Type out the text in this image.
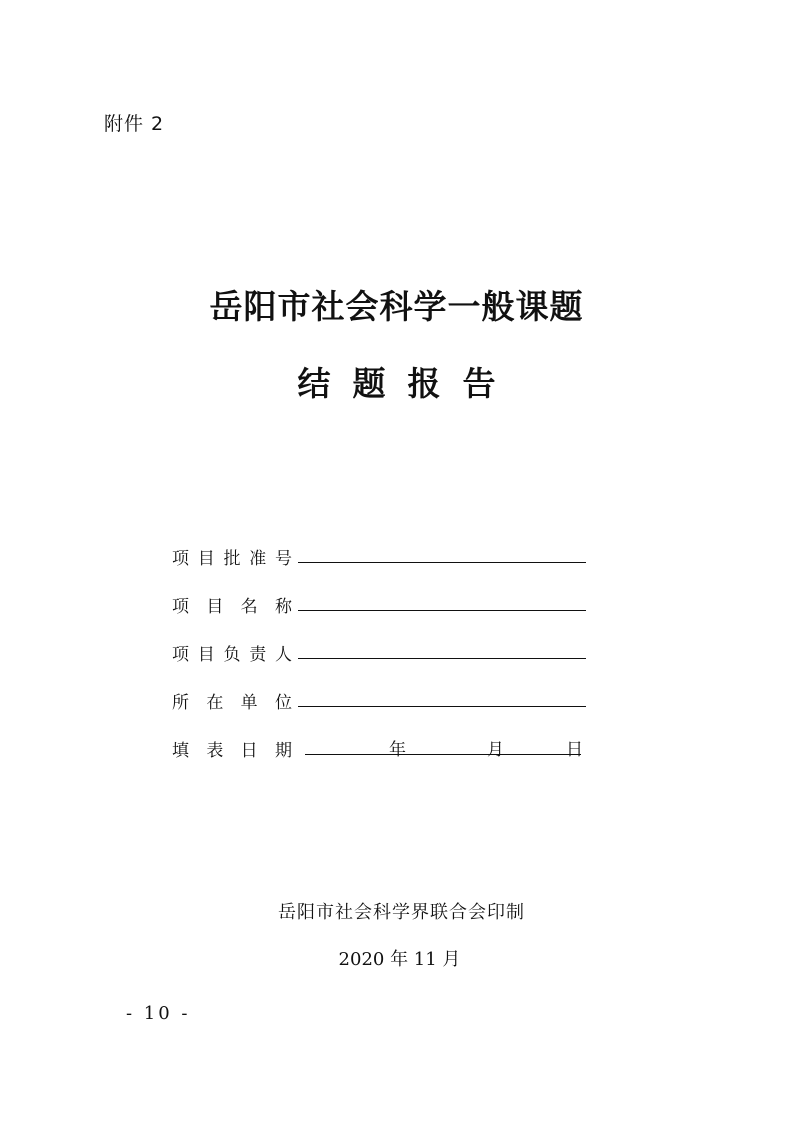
附件 2
岳阳市社会科学一般课题
结题报告
项 目 批 准 号
项 目 名 称
项 目 负 责 人
所 在 单 位
填 表 日 期	年	月	日
岳阳市社会科学界联合会印制
2020 年 11 月
- 10 -
